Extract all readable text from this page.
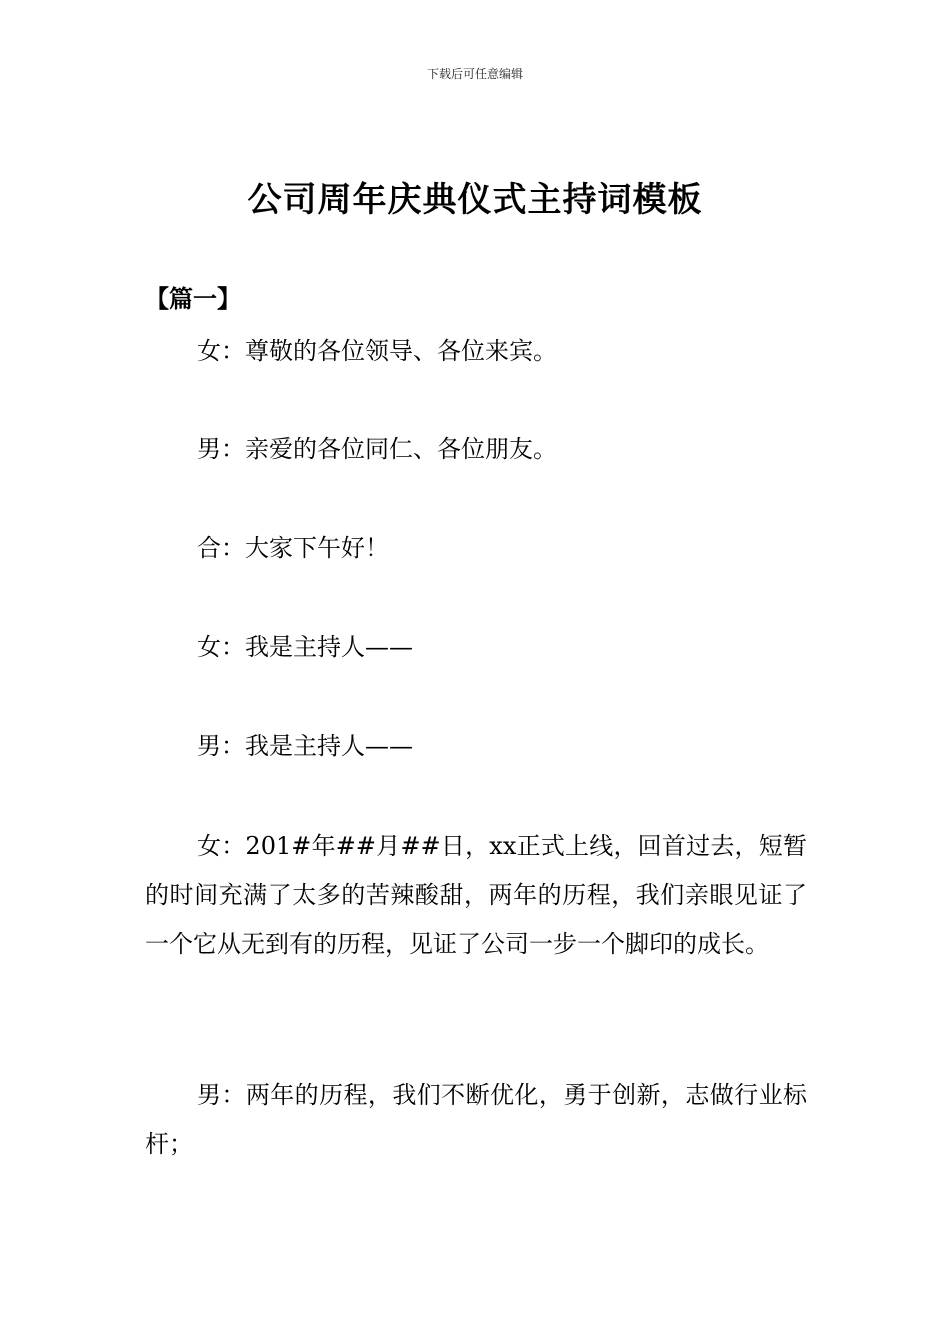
下载后可任意编辑
公司周年庆典仪式主持词模板
【篇一】

女：尊敬的各位领导、各位来宾。

男：亲爱的各位同仁、各位朋友。

合：大家下午好！

女：我是主持人——

男：我是主持人——

女：201#年##月##日，xx正式上线，回首过去，短暂的时间充满了太多的苦辣酸甜，两年的历程，我们亲眼见证了一个它从无到有的历程，见证了公司一步一个脚印的成长。

男：两年的历程，我们不断优化，勇于创新，志做行业标杆；
